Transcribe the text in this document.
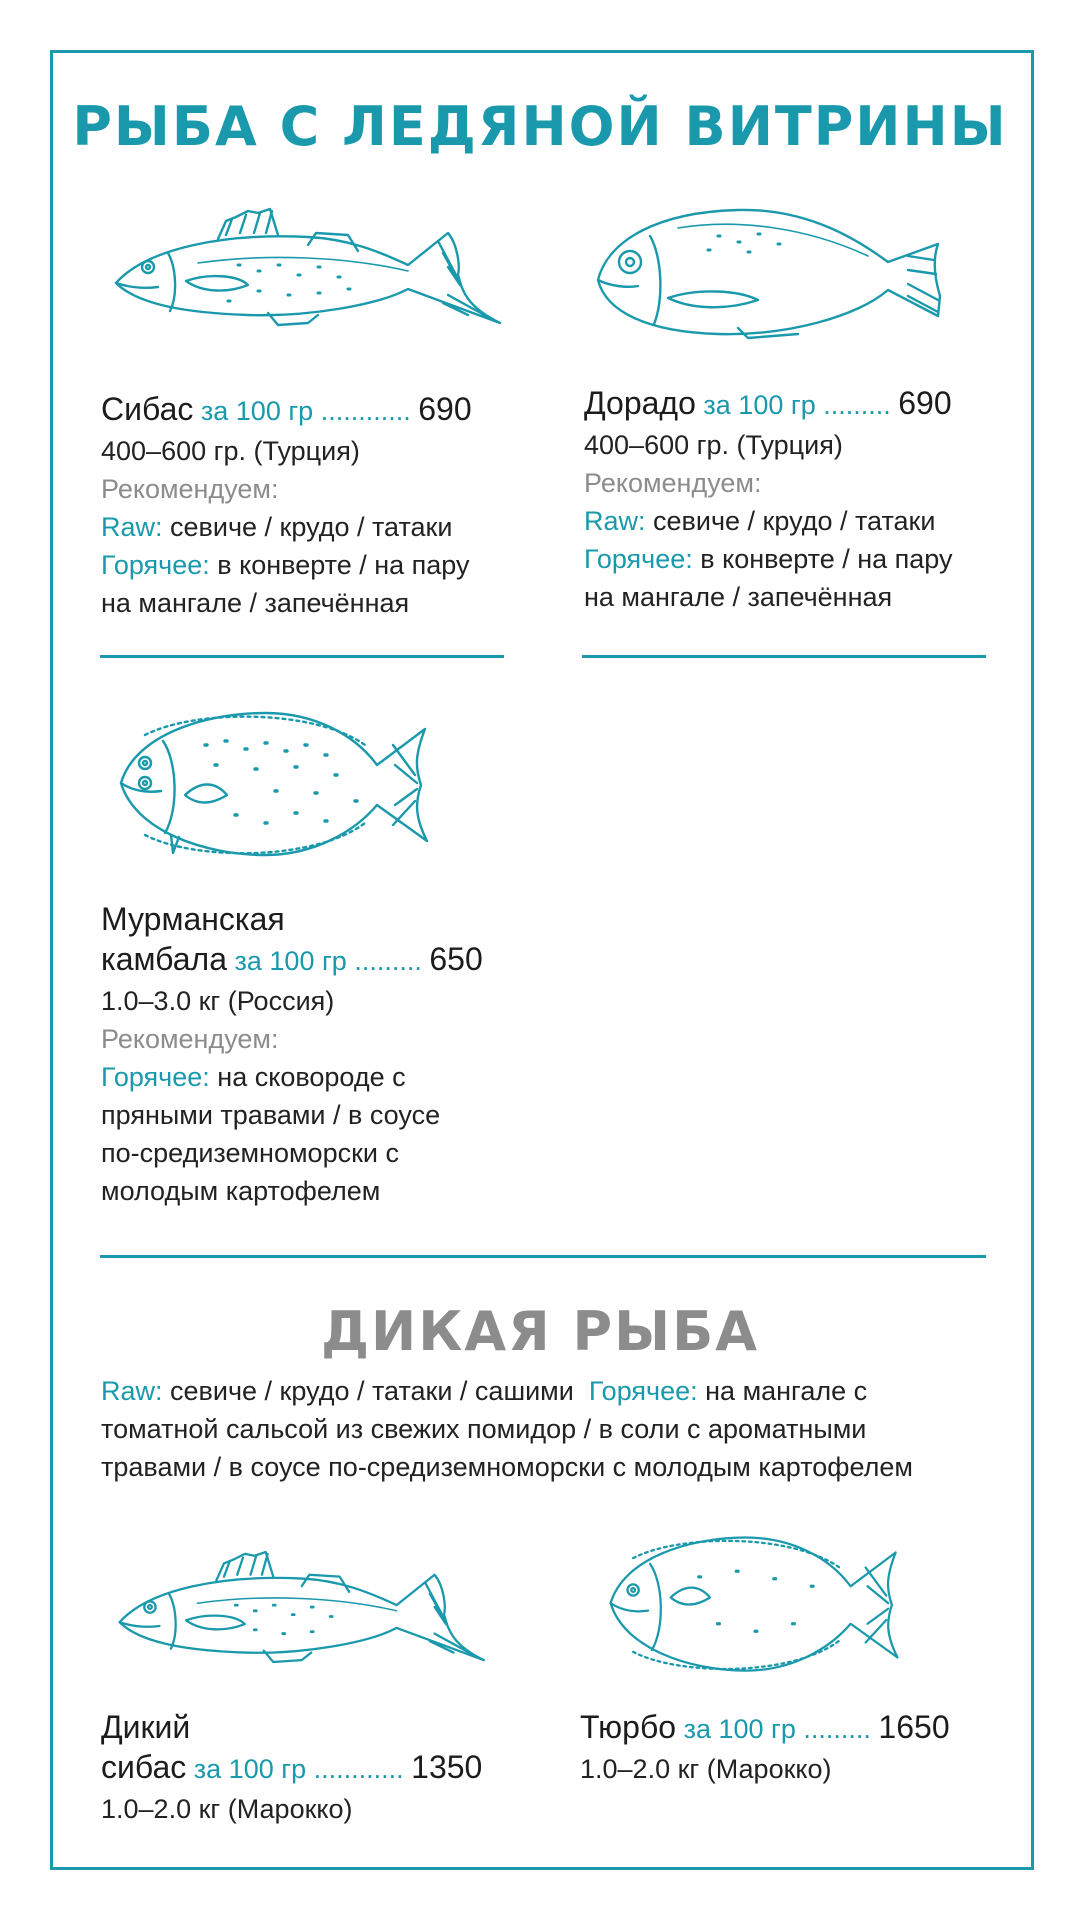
РЫБА С ЛЕДЯНОЙ ВИТРИНЫ
Сибас за 100 гр ............ 690
400–600 гр. (Турция)
Рекомендуем:
Raw: севиче / крудо / татаки
Горячее: в конверте / на пару
на мангале / запечённая
Дорадо за 100 гр ......... 690
400–600 гр. (Турция)
Рекомендуем:
Raw: севиче / крудо / татаки
Горячее: в конверте / на пару
на мангале / запечённая
Мурманская
камбала за 100 гр ......... 650
1.0–3.0 кг (Россия)
Рекомендуем:
Горячее: на сковороде с
пряными травами / в соусе
по-средиземноморски с
молодым картофелем
ДИКАЯ РЫБА
Raw: севиче / крудо / татаки / сашими Горячее: на мангале с
томатной сальсой из свежих помидор / в соли с ароматными
травами / в соусе по-средиземноморски с молодым картофелем
Дикий
сибас за 100 гр ............ 1350
1.0–2.0 кг (Марокко)
Тюрбо за 100 гр ......... 1650
1.0–2.0 кг (Марокко)
